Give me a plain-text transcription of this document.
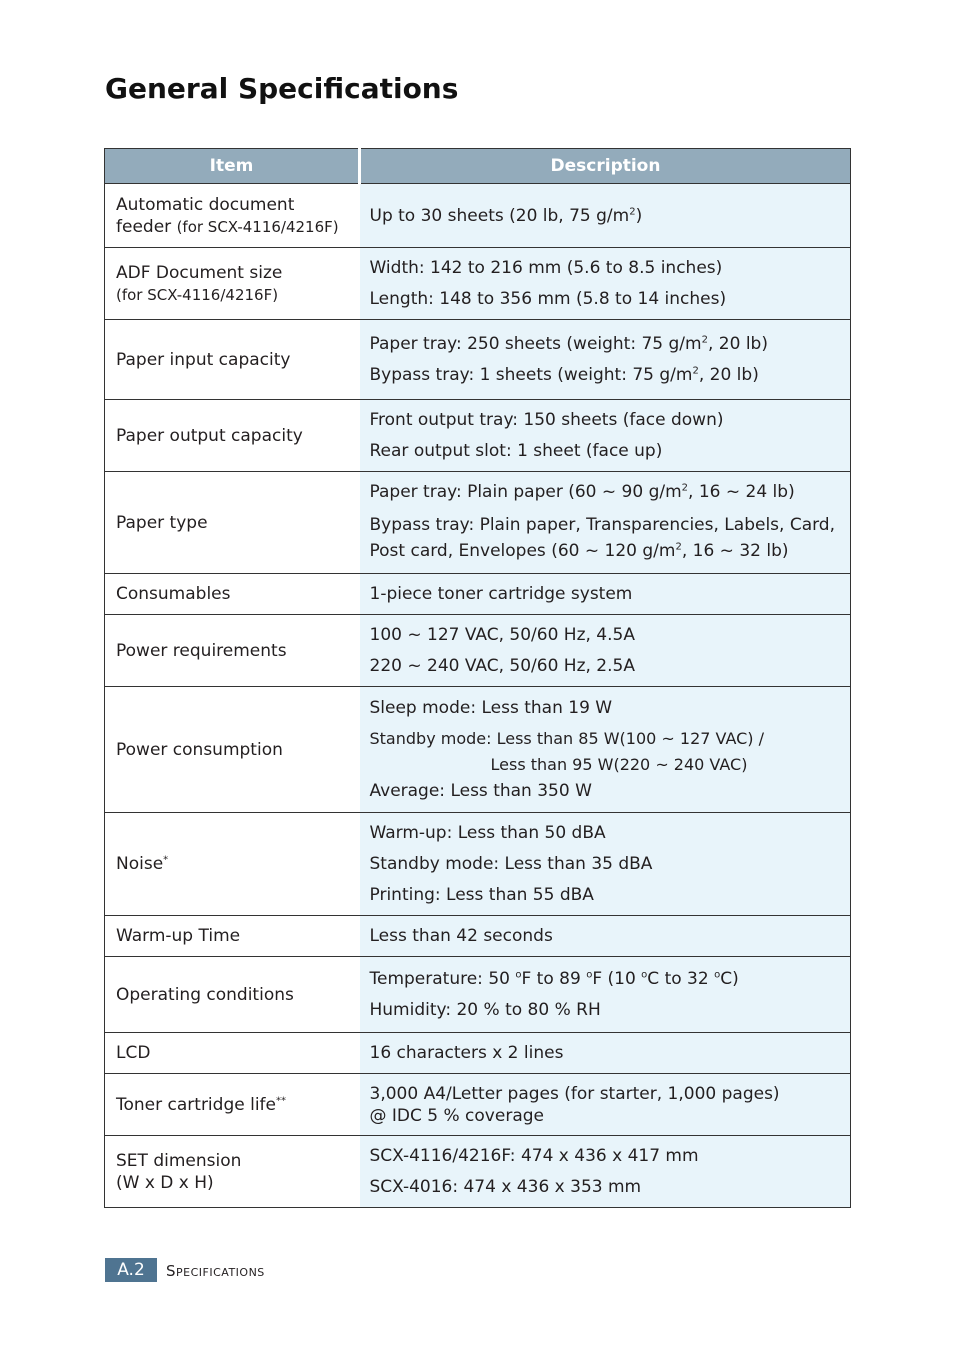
General Specifications
Item	Description
Automatic document feeder (for SCX-4116/4216F)	Up to 30 sheets (20 lb, 75 $g/m^2$)

ADF Document size
(for SCX-4116/4216F)	Width: 142 to 216 mm (5.6 to 8.5 inches)
Length: 148 to 356 mm (5.8 to 14 inches)

Paper input capacity	Paper tray: 250 sheets (weight: 75 $g/m^2$, 20 lb)
Bypass tray: 1 sheets (weight: 75 $g/m^2$, 20 lb)

Paper output capacity	Front output tray: 150 sheets (face down)
Rear output slot: 1 sheet (face up)

Paper type	Paper tray: Plain paper (60 ~ 90 $g/m^2$, 16 ~ 24 lb)
Bypass tray: Plain paper, Transparencies, Labels, Card, Post card, Envelopes (60 ~ 120 $g/m^2$, 16 ~ 32 lb)

Consumables	1-piece toner cartridge system
Power requirements	100 ~ 127 VAC, 50/60 Hz, 4.5A
220 ~ 240 VAC, 50/60 Hz, 2.5A

Power consumption	Sleep mode: Less than 19 W
Standby mode: Less than 85 W(100 ~ 127 VAC) /
Less than 95 W(220 ~ 240 VAC)
Average: Less than 350 W

Noise*	Warm-up: Less than 50 dBA
Standby mode: Less than 35 dBA
Printing: Less than 55 dBA

Warm-up Time	Less than 42 seconds
Operating conditions	Temperature: 50 $^o$F to 89 $^o$F (10 $^o$C to 32 $^o$C)
Humidity: 20 % to 80 % RH

LCD	16 characters x 2 lines
Toner cartridge life**	3,000 A4/Letter pages (for starter, 1,000 pages)
@ IDC 5 % coverage

SET dimension
(W x D x H)	SCX-4116/4216F: 474 x 436 x 417 mm
SCX-4016: 474 x 436 x 353 mm
A.2	Specifications
